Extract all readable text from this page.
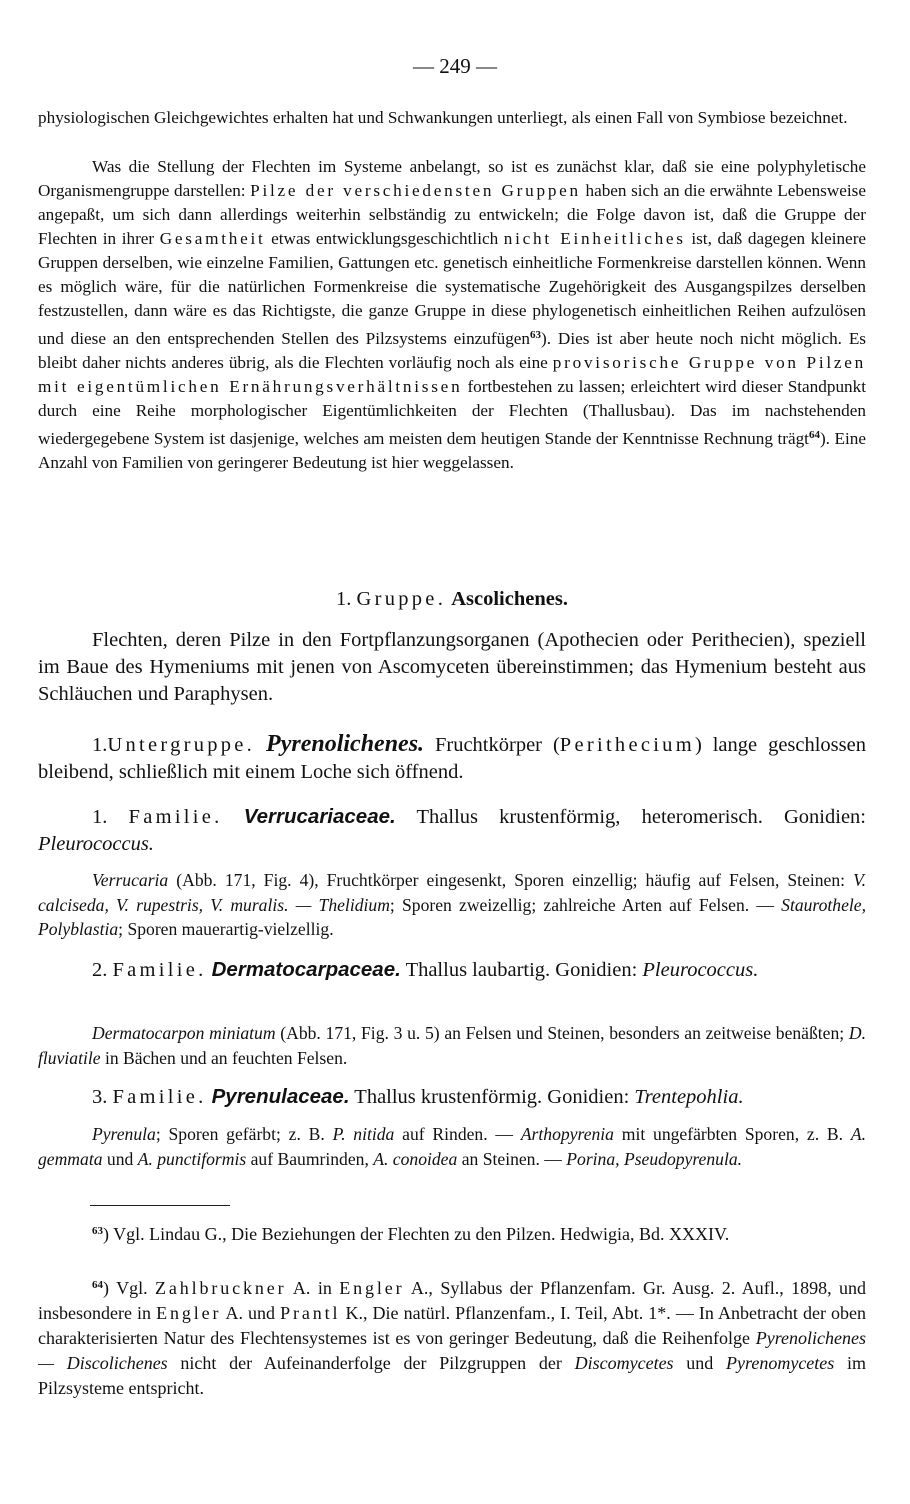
— 249 —

physiologischen Gleichgewichtes erhalten hat und Schwankungen unterliegt, als einen Fall von Symbiose bezeichnet.

Was die Stellung der Flechten im Systeme anbelangt, so ist es zunächst klar, daß sie eine polyphyletische Organismengruppe darstellen: Pilze der verschiedensten Gruppen haben sich an die erwähnte Lebensweise angepaßt, um sich dann allerdings weiterhin selbständig zu entwickeln; die Folge davon ist, daß die Gruppe der Flechten in ihrer Gesamtheit etwas entwicklungsgeschichtlich nicht Einheitliches ist, daß dagegen kleinere Gruppen derselben, wie einzelne Familien, Gattungen etc. genetisch einheitliche Formenkreise darstellen können. Wenn es möglich wäre, für die natürlichen Formenkreise die systematische Zugehörigkeit des Ausgangspilzes derselben festzustellen, dann wäre es das Richtigste, die ganze Gruppe in diese phylogenetisch einheitlichen Reihen aufzulösen und diese an den entsprechenden Stellen des Pilzsystems einzufügen$^{63}$). Dies ist aber heute noch nicht möglich. Es bleibt daher nichts anderes übrig, als die Flechten vorläufig noch als eine provisorische Gruppe von Pilzen mit eigentümlichen Ernährungsverhältnissen fortbestehen zu lassen; erleichtert wird dieser Standpunkt durch eine Reihe morphologischer Eigentümlichkeiten der Flechten (Thallusbau). Das im nachstehenden wiedergegebene System ist dasjenige, welches am meisten dem heutigen Stande der Kenntnisse Rechnung trägt$^{64}$). Eine Anzahl von Familien von geringerer Bedeutung ist hier weggelassen.

1. Gruppe. Ascolichenes.

Flechten, deren Pilze in den Fortpflanzungsorganen (Apothecien oder Perithecien), speziell im Baue des Hymeniums mit jenen von Ascomyceten übereinstimmen; das Hymenium besteht aus Schläuchen und Paraphysen.

1.Untergruppe. Pyrenolichenes. Fruchtkörper (Perithecium) lange geschlossen bleibend, schließlich mit einem Loche sich öffnend.

1. Familie. Verrucariaceae. Thallus krustenförmig, heteromerisch. Gonidien: Pleurococcus.

Verrucaria (Abb. 171, Fig. 4), Fruchtkörper eingesenkt, Sporen einzellig; häufig auf Felsen, Steinen: V. calciseda, V. rupestris, V. muralis. — Thelidium; Sporen zweizellig; zahlreiche Arten auf Felsen. — Staurothele, Polyblastia; Sporen mauerartig-vielzellig.

2. Familie. Dermatocarpaceae. Thallus laubartig. Gonidien: Pleurococcus.

Dermatocarpon miniatum (Abb. 171, Fig. 3 u. 5) an Felsen und Steinen, besonders an zeitweise benäßten; D. fluviatile in Bächen und an feuchten Felsen.

3. Familie. Pyrenulaceae. Thallus krustenförmig. Gonidien: Trentepohlia.

Pyrenula; Sporen gefärbt; z. B. P. nitida auf Rinden. — Arthopyrenia mit ungefärbten Sporen, z. B. A. gemmata und A. punctiformis auf Baumrinden, A. conoidea an Steinen. — Porina, Pseudopyrenula.

$^{63}$) Vgl. Lindau G., Die Beziehungen der Flechten zu den Pilzen. Hedwigia, Bd. XXXIV.

$^{64}$) Vgl. Zahlbruckner A. in Engler A., Syllabus der Pflanzenfam. Gr. Ausg. 2. Aufl., 1898, und insbesondere in Engler A. und Prantl K., Die natürl. Pflanzenfam., I. Teil, Abt. 1*. — In Anbetracht der oben charakterisierten Natur des Flechtensystemes ist es von geringer Bedeutung, daß die Reihenfolge Pyrenolichenes — Discolichenes nicht der Aufeinanderfolge der Pilzgruppen der Discomycetes und Pyrenomycetes im Pilzsysteme entspricht.
